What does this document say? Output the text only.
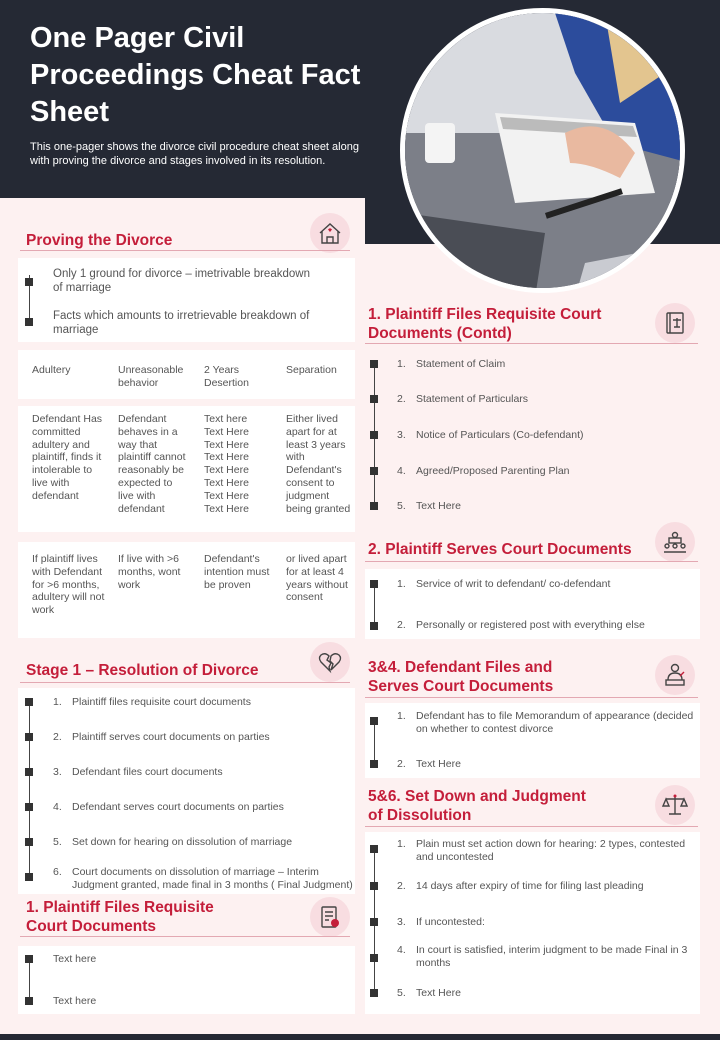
One Pager Civil Proceedings Cheat Fact Sheet
This one-pager shows the divorce civil procedure cheat sheet along with proving the divorce and stages involved in its resolution.
Proving the Divorce
Only 1 ground for divorce – imetrivable breakdown of marriage
Facts which amounts to irretrievable breakdown of marriage
Adultery	Unreasonable behavior
2 Years Desertion
Separation
Defendant Has committed adultery and plaintiff, finds it intolerable to live with defendant
Defendant behaves in a way that plaintiff cannot reasonably be expected to live with defendant
Text here Text Here Text Here Text Here Text Here Text Here Text Here Text Here
Either lived apart for at least 3 years with Defendant's consent to judgment being granted
If plaintiff lives with Defendant for >6 months, adultery will not work
If live with >6 months, wont work
Defendant's intention must be proven
or lived apart for at least 4 years without consent
Stage 1 – Resolution of Divorce
1. Plaintiff files requisite court documents
2. Plaintiff serves court documents on parties
3. Defendant files court documents
4. Defendant serves court documents on parties
5. Set down for hearing on dissolution of marriage
6. Court documents on dissolution of marriage – Interim Judgment granted, made final in 3 months ( Final Judgment)
1. Plaintiff Files Requisite Court Documents
Text here
Text here
1. Plaintiff Files Requisite Court Documents (Contd)
1. Statement of Claim
2. Statement of Particulars
3. Notice of Particulars (Co-defendant)
4. Agreed/Proposed Parenting Plan
5. Text Here
2. Plaintiff Serves Court Documents
1. Service of writ to defendant/ co-defendant
2. Personally or registered post with everything else
3&4. Defendant Files and Serves Court Documents
1. Defendant has to file Memorandum of appearance (decided on whether to contest divorce
2. Text Here
5&6. Set Down and Judgment of Dissolution
1. Plain must set action down for hearing: 2 types, contested and uncontested
2. 14 days after expiry of time for filing last pleading
3. If uncontested:
4. In court is satisfied, interim judgment to be made Final in 3 months
5. Text Here
